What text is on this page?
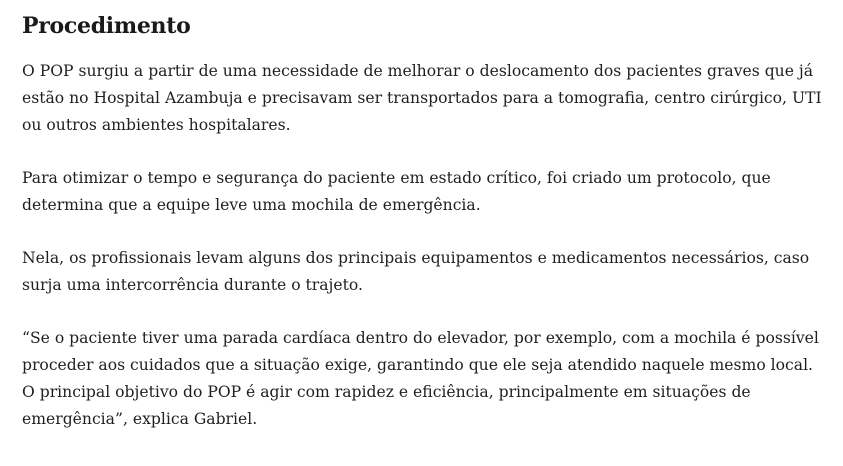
Procedimento

O POP surgiu a partir de uma necessidade de melhorar o deslocamento dos pacientes graves que já estão no Hospital Azambuja e precisavam ser transportados para a tomografia, centro cirúrgico, UTI ou outros ambientes hospitalares.

Para otimizar o tempo e segurança do paciente em estado crítico, foi criado um protocolo, que determina que a equipe leve uma mochila de emergência.

Nela, os profissionais levam alguns dos principais equipamentos e medicamentos necessários, caso surja uma intercorrência durante o trajeto.

“Se o paciente tiver uma parada cardíaca dentro do elevador, por exemplo, com a mochila é possível proceder aos cuidados que a situação exige, garantindo que ele seja atendido naquele mesmo local. O principal objetivo do POP é agir com rapidez e eficiência, principalmente em situações de emergência”, explica Gabriel.
